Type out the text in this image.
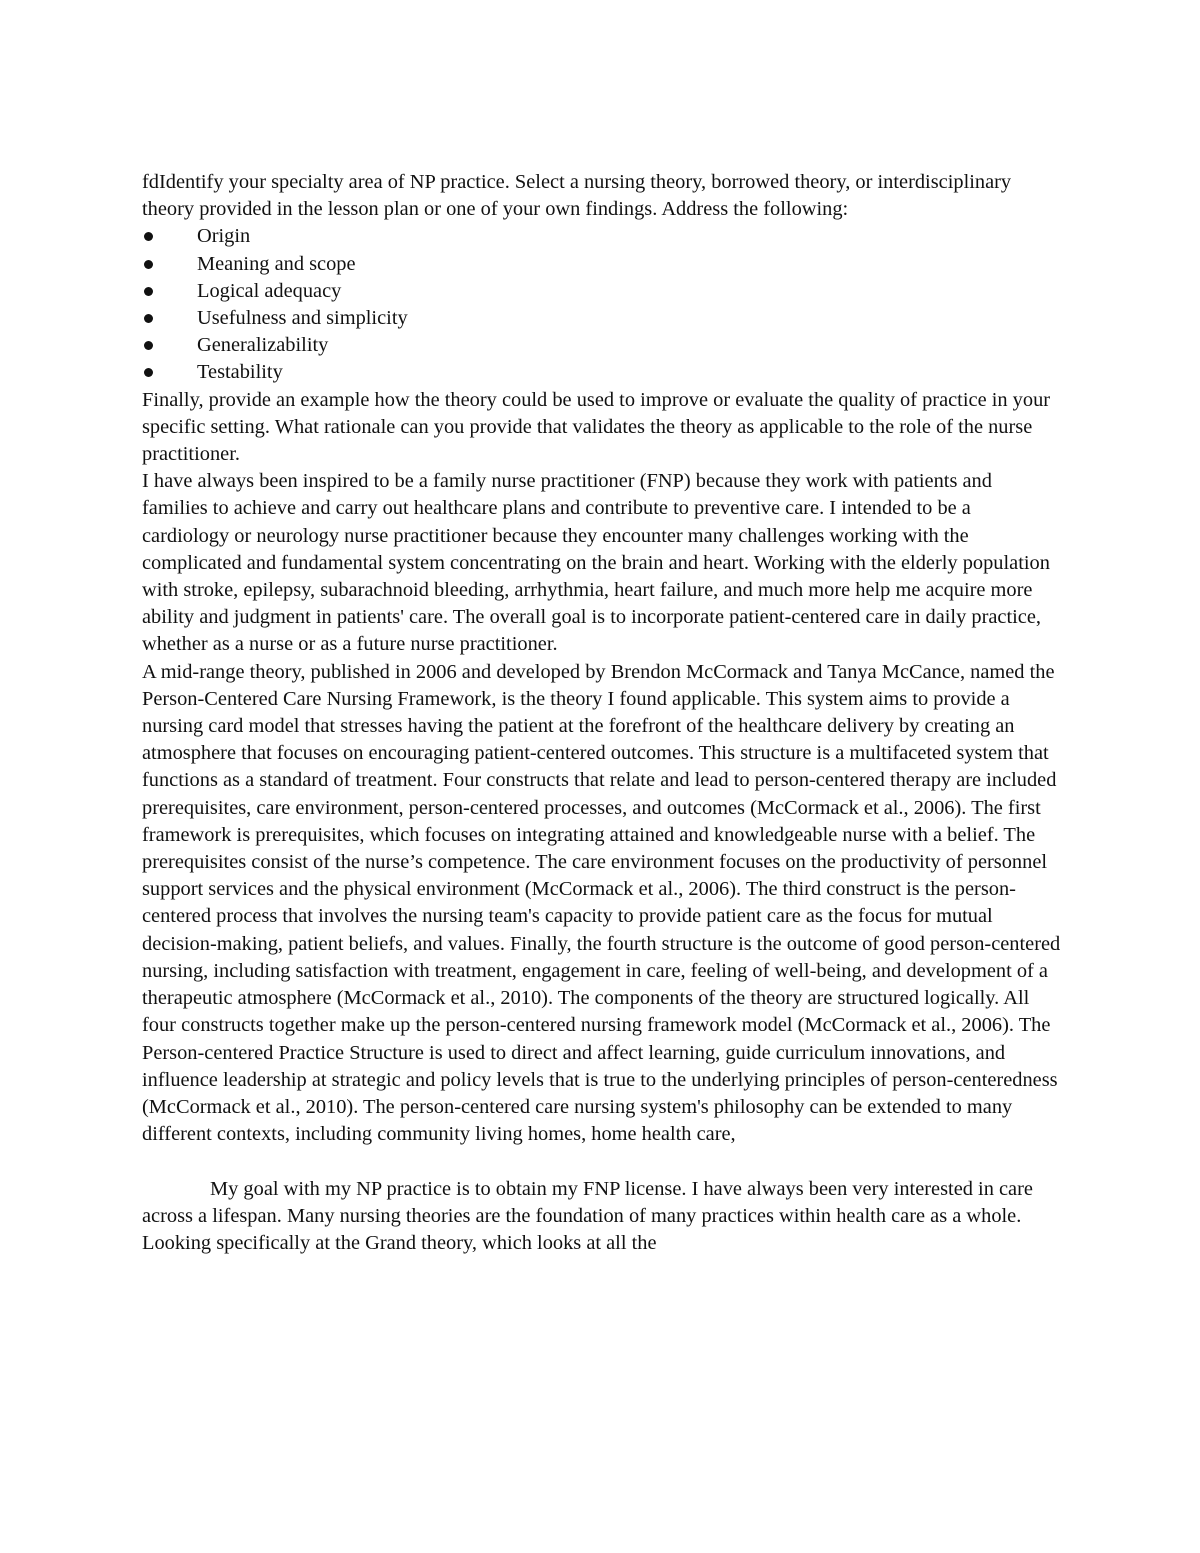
fdIdentify your specialty area of NP practice. Select a nursing theory, borrowed theory, or interdisciplinary theory provided in the lesson plan or one of your own findings. Address the following:

Origin
Meaning and scope
Logical adequacy
Usefulness and simplicity
Generalizability
Testability

Finally, provide an example how the theory could be used to improve or evaluate the quality of practice in your specific setting. What rationale can you provide that validates the theory as applicable to the role of the nurse practitioner.

I have always been inspired to be a family nurse practitioner (FNP) because they work with patients and families to achieve and carry out healthcare plans and contribute to preventive care. I intended to be a cardiology or neurology nurse practitioner because they encounter many challenges working with the complicated and fundamental system concentrating on the brain and heart. Working with the elderly population with stroke, epilepsy, subarachnoid bleeding, arrhythmia, heart failure, and much more help me acquire more ability and judgment in patients' care. The overall goal is to incorporate patient-centered care in daily practice, whether as a nurse or as a future nurse practitioner.

A mid-range theory, published in 2006 and developed by Brendon McCormack and Tanya McCance, named the Person-Centered Care Nursing Framework, is the theory I found applicable. This system aims to provide a nursing card model that stresses having the patient at the forefront of the healthcare delivery by creating an atmosphere that focuses on encouraging patient-centered outcomes. This structure is a multifaceted system that functions as a standard of treatment. Four constructs that relate and lead to person-centered therapy are included prerequisites, care environment, person-centered processes, and outcomes (McCormack et al., 2006). The first framework is prerequisites, which focuses on integrating attained and knowledgeable nurse with a belief. The prerequisites consist of the nurse’s competence. The care environment focuses on the productivity of personnel support services and the physical environment (McCormack et al., 2006). The third construct is the person-centered process that involves the nursing team's capacity to provide patient care as the focus for mutual decision-making, patient beliefs, and values. Finally, the fourth structure is the outcome of good person-centered nursing, including satisfaction with treatment, engagement in care, feeling of well-being, and development of a therapeutic atmosphere (McCormack et al., 2010). The components of the theory are structured logically. All four constructs together make up the person-centered nursing framework model (McCormack et al., 2006). The Person-centered Practice Structure is used to direct and affect learning, guide curriculum innovations, and influence leadership at strategic and policy levels that is true to the underlying principles of person-centeredness (McCormack et al., 2010). The person-centered care nursing system's philosophy can be extended to many different contexts, including community living homes, home health care,

My goal with my NP practice is to obtain my FNP license. I have always been very interested in care across a lifespan. Many nursing theories are the foundation of many practices within health care as a whole. Looking specifically at the Grand theory, which looks at all the
